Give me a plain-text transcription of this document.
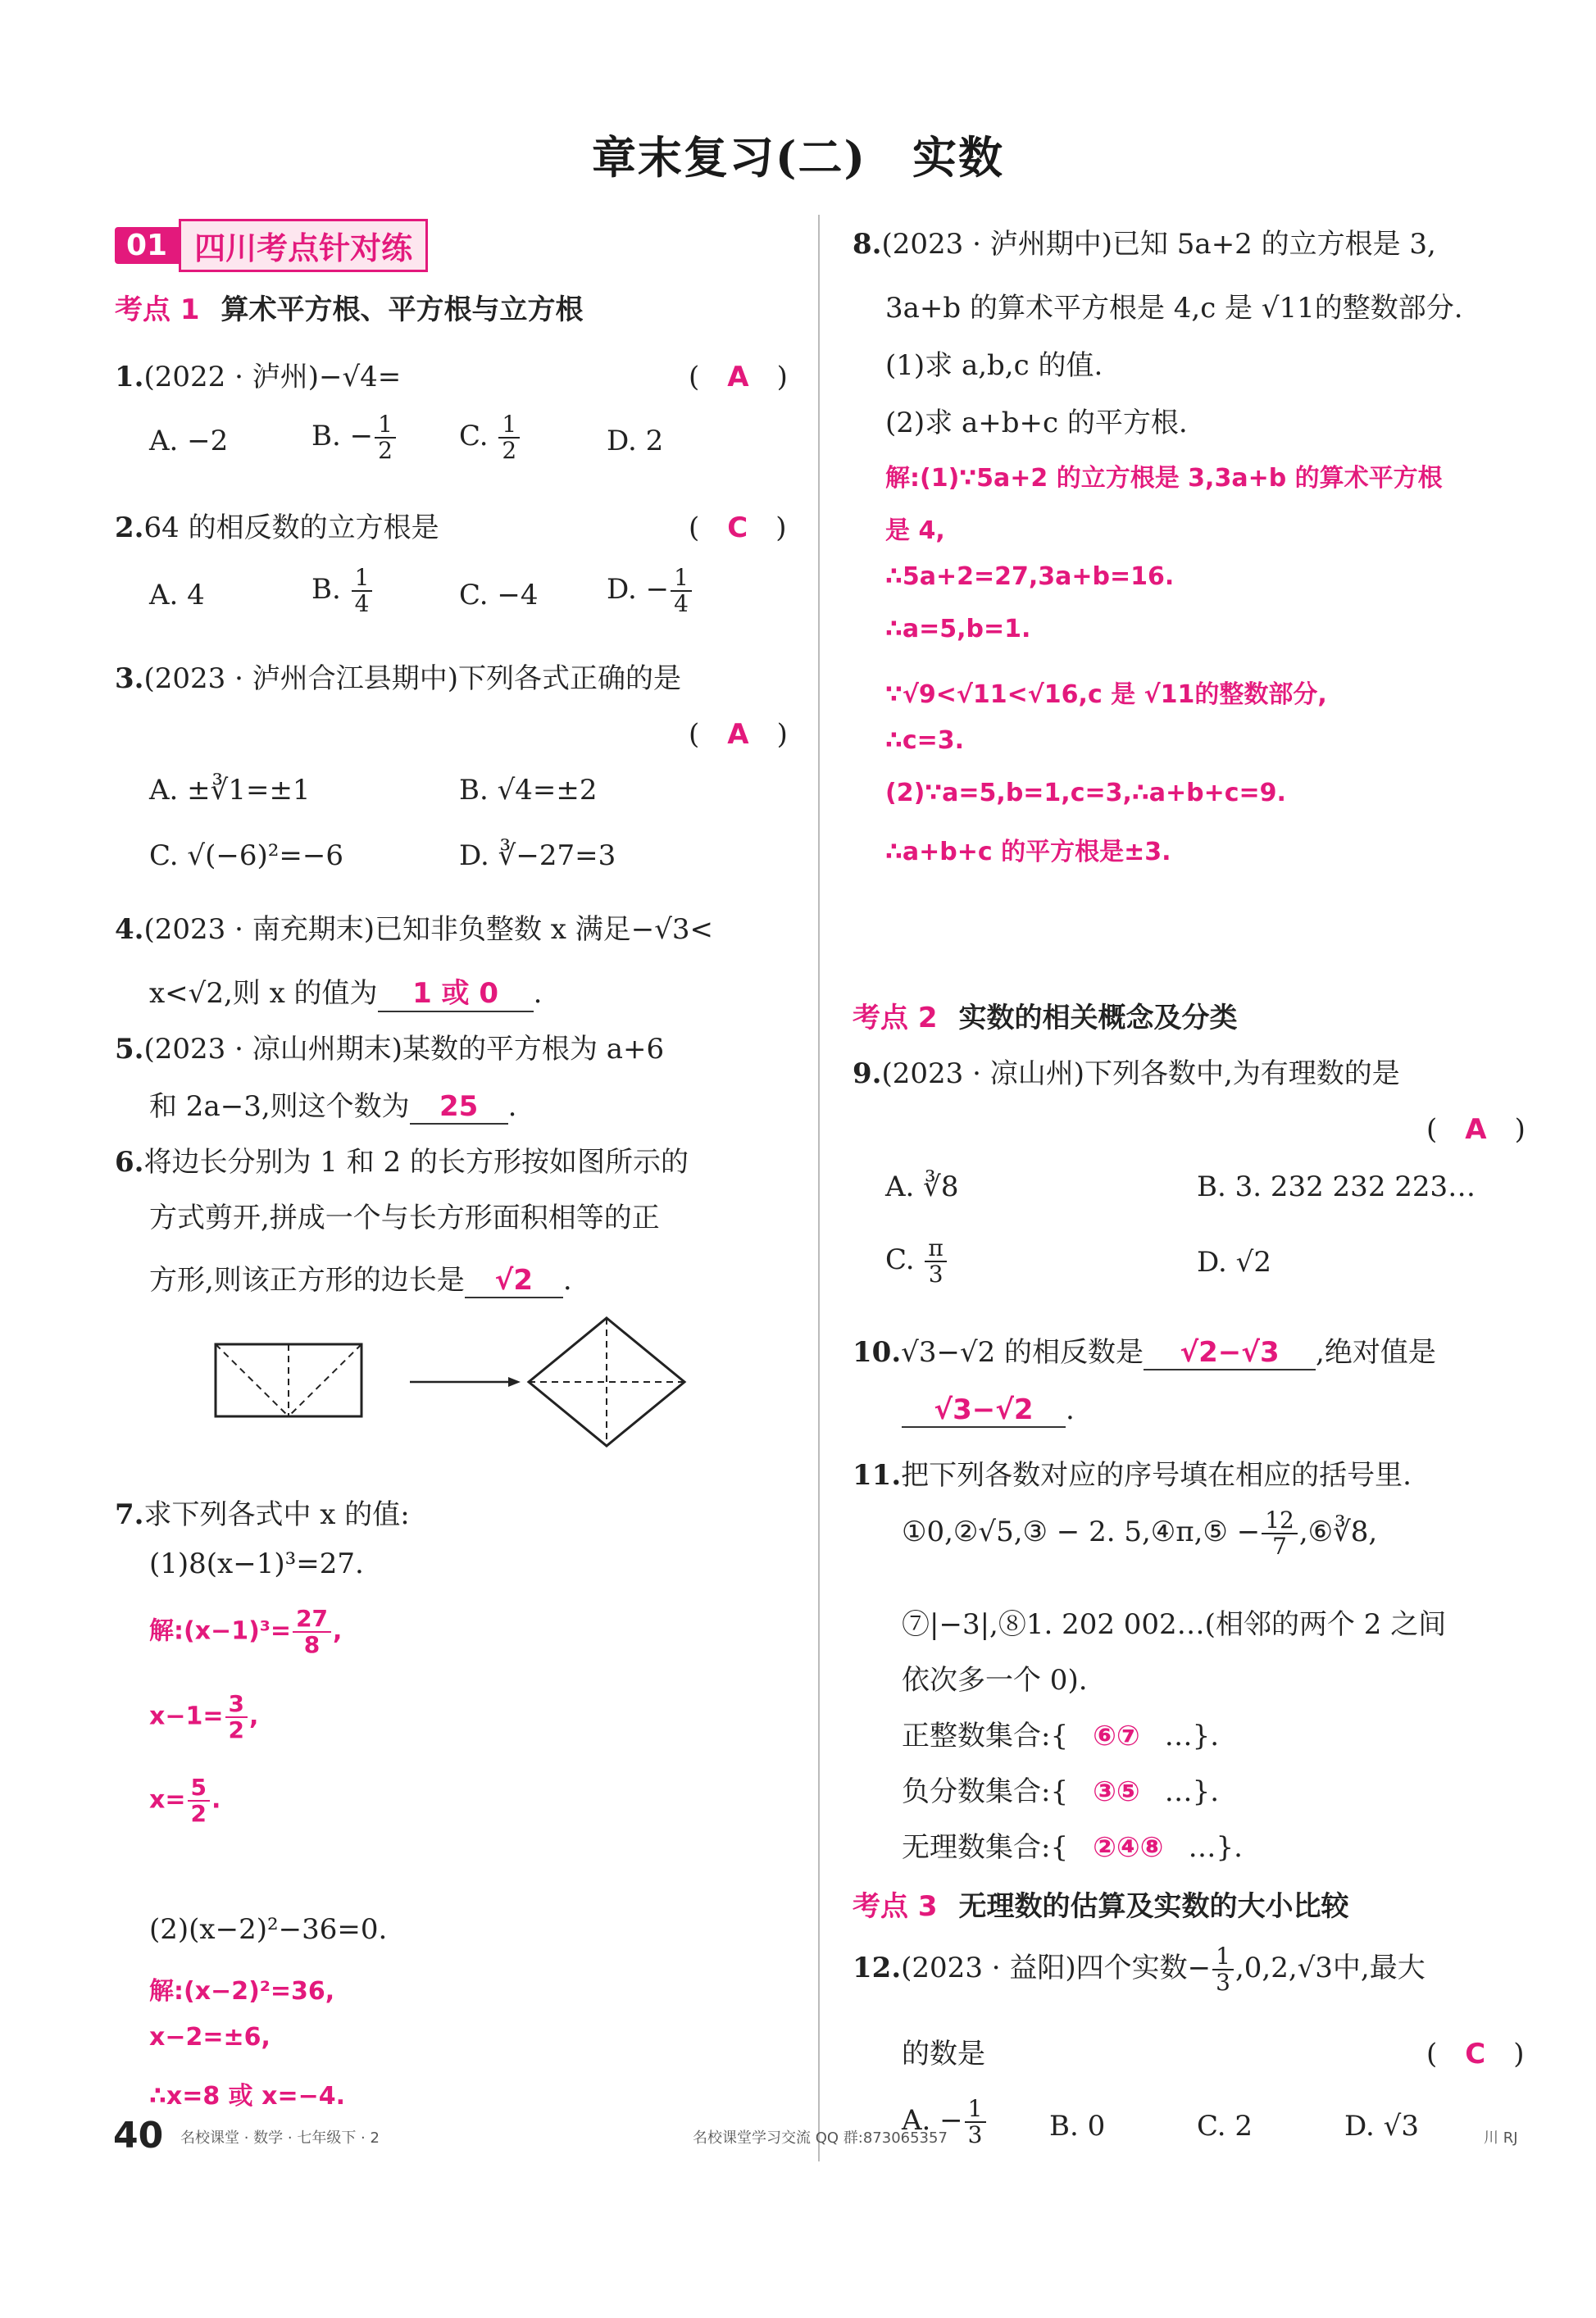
章末复习(二)　实数
01 四川考点针对练
考点 1 算术平方根、平方根与立方根
1.(2022 · 泸州)−√4=	(　A　)
A. −2	B. − $\frac{1}{2} C$. $\frac{1}{2}$	D. 2
2.64 的相反数的立方根是	(　C　)
A. 4	B. $\frac{1}{4}$	C. −4 D. − $\frac{1}{4}$
3.(2023 · 泸州合江县期中)下列各式正确的是
(　A　)
A. ±∛1=±1	B. √4=±2
C. √(−6)²=−6	D. ∛−27=3
4.(2023 · 南充期末)已知非负整数 x 满足−√3<
x<√2,则 x 的值为 1 或 0 .
5.(2023 · 凉山州期末)某数的平方根为 a+6
和 2a−3,则这个数为 25 .
6.将边长分别为 1 和 2 的长方形按如图所示的
方式剪开,拼成一个与长方形面积相等的正
方形,则该正方形的边长是 √2 .
7.求下列各式中 x 的值:
(1)8(x−1)³=27.
解:(x−1)³= $\frac{27}{8}$ ,
$x-1= \frac{3}{2}$ ,
$x= \frac{5}{2}$ .
(2)(x−2)²−36=0.
解:(x−2)²=36,
x−2=±6,
∴x=8 或 x=−4.
8.(2023 · 泸州期中)已知 5a+2 的立方根是 3,
3a+b 的算术平方根是 4,c 是 √11的整数部分.
(1)求 a,b,c 的值.
(2)求 a+b+c 的平方根.
解:(1)∵5a+2 的立方根是 3,3a+b 的算术平方根
是 4,
∴5a+2=27,3a+b=16.
∴a=5,b=1.
∵√9<√11<√16,c 是 √11的整数部分,
∴c=3.
(2)∵a=5,b=1,c=3,∴a+b+c=9.
∴a+b+c 的平方根是±3.
考点 2 实数的相关概念及分类
9.(2023 · 凉山州)下列各数中,为有理数的是
(　A　)
A. ∛8	B. 3. 232 232 223…
C. $\frac{\pi}{3}$	D. √2
10.√3−√2 的相反数是 √2−√3 ,绝对值是
√3−√2 .
11.把下列各数对应的序号填在相应的括号里.
①0,②√5,③ − 2. 5,④π,⑤ − $\frac{12}{7}$ ,⑥∛8,
⑦|−3|,⑧1. 202 002…(相邻的两个 2 之间
依次多一个 0).
正整数集合:{ ⑥⑦ …}.
负分数集合:{ ③⑤ …}.
无理数集合:{ ②④⑧ …}.
考点 3 无理数的估算及实数的大小比较
12.(2023 · 益阳)四个实数− $\frac{1}{3} ,0,2,√3$中,最大
的数是	(　C　)
A. − $\frac{1}{3} B$. 0	C. 2	D. √3
40 名校课堂 · 数学 · 七年级下 · 2	名校课堂学习交流 QQ 群:873065357	川 RJ
